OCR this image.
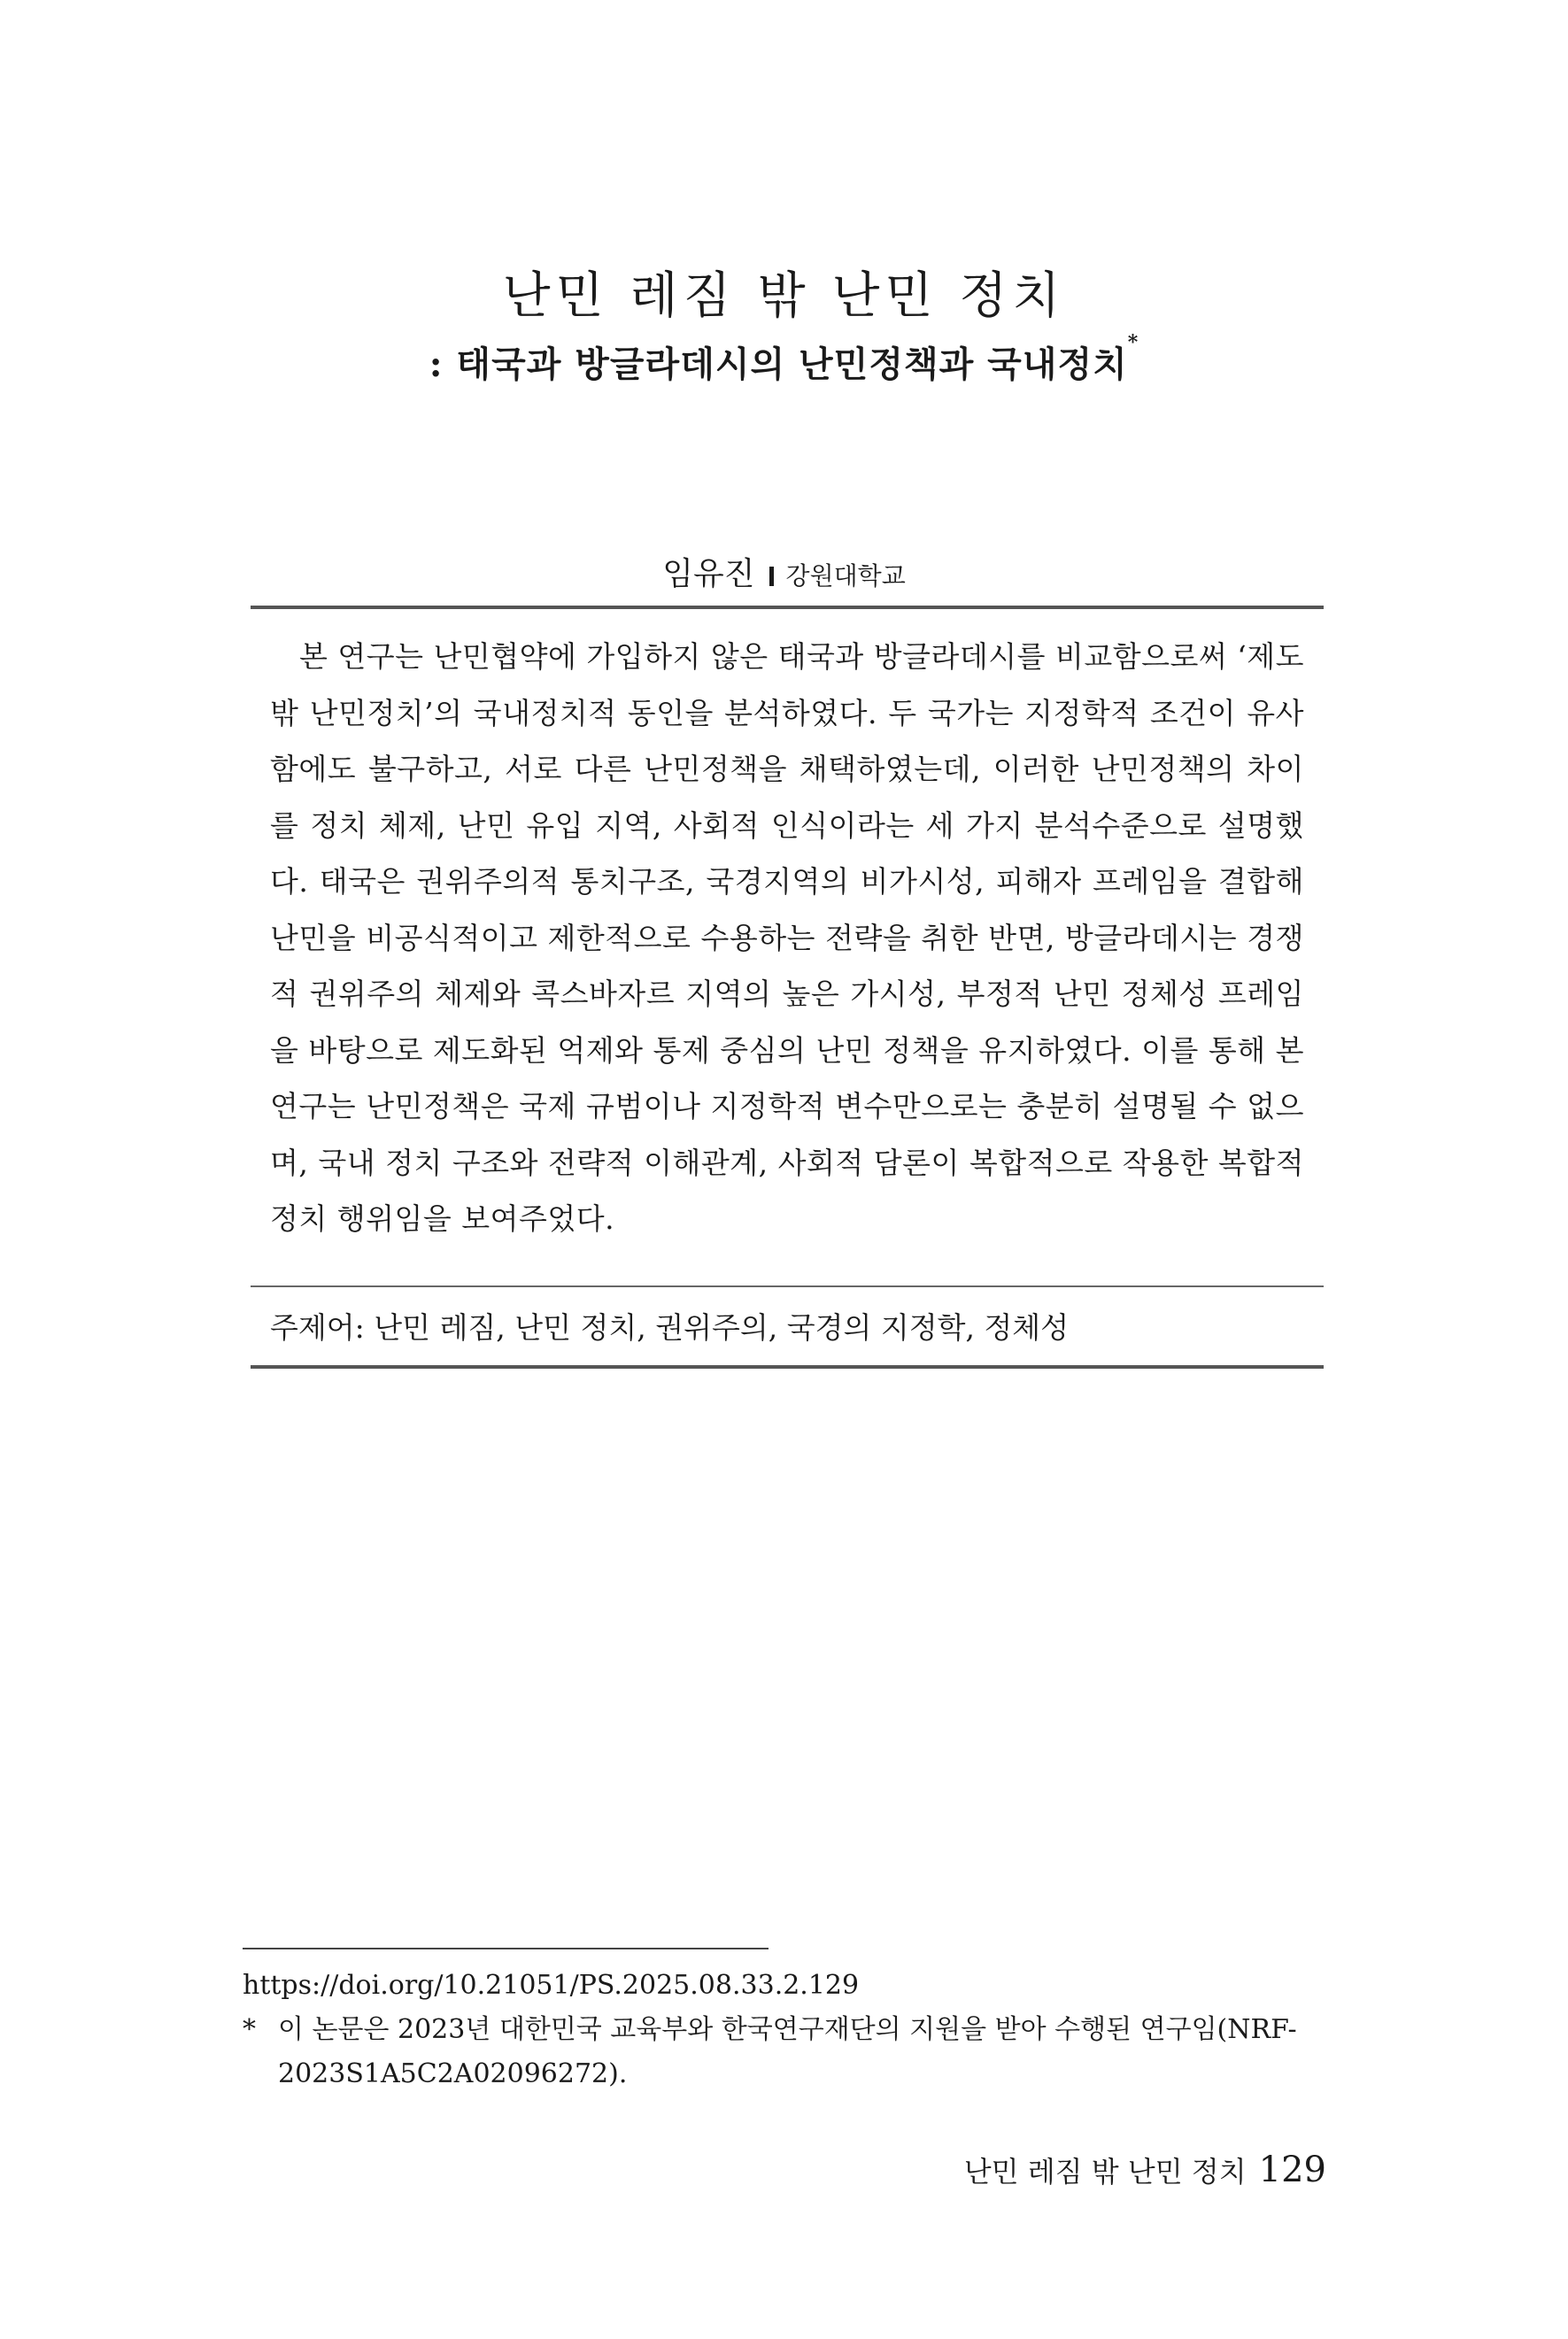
난민 레짐 밖 난민 정치
: 태국과 방글라데시의 난민정책과 국내정치*
임유진 강원대학교

본 연구는 난민협약에 가입하지 않은 태국과 방글라데시를 비교함으로써 ‘제도 밖 난민정치’의 국내정치적 동인을 분석하였다. 두 국가는 지정학적 조건이 유사함에도 불구하고, 서로 다른 난민정책을 채택하였는데, 이러한 난민정책의 차이를 정치 체제, 난민 유입 지역, 사회적 인식이라는 세 가지 분석수준으로 설명했다. 태국은 권위주의적 통치구조, 국경지역의 비가시성, 피해자 프레임을 결합해 난민을 비공식적이고 제한적으로 수용하는 전략을 취한 반면, 방글라데시는 경쟁적 권위주의 체제와 콕스바자르 지역의 높은 가시성, 부정적 난민 정체성 프레임을 바탕으로 제도화된 억제와 통제 중심의 난민 정책을 유지하였다. 이를 통해 본 연구는 난민정책은 국제 규범이나 지정학적 변수만으로는 충분히 설명될 수 없으며, 국내 정치 구조와 전략적 이해관계, 사회적 담론이 복합적으로 작용한 복합적 정치 행위임을 보여주었다.

주제어: 난민 레짐, 난민 정치, 권위주의, 국경의 지정학, 정체성

https://doi.org/10.21051/PS.2025.08.33.2.129
* 이 논문은 2023년 대한민국 교육부와 한국연구재단의 지원을 받아 수행된 연구임(NRF-2023S1A5C2A02096272).
난민 레짐 밖 난민 정치 129
